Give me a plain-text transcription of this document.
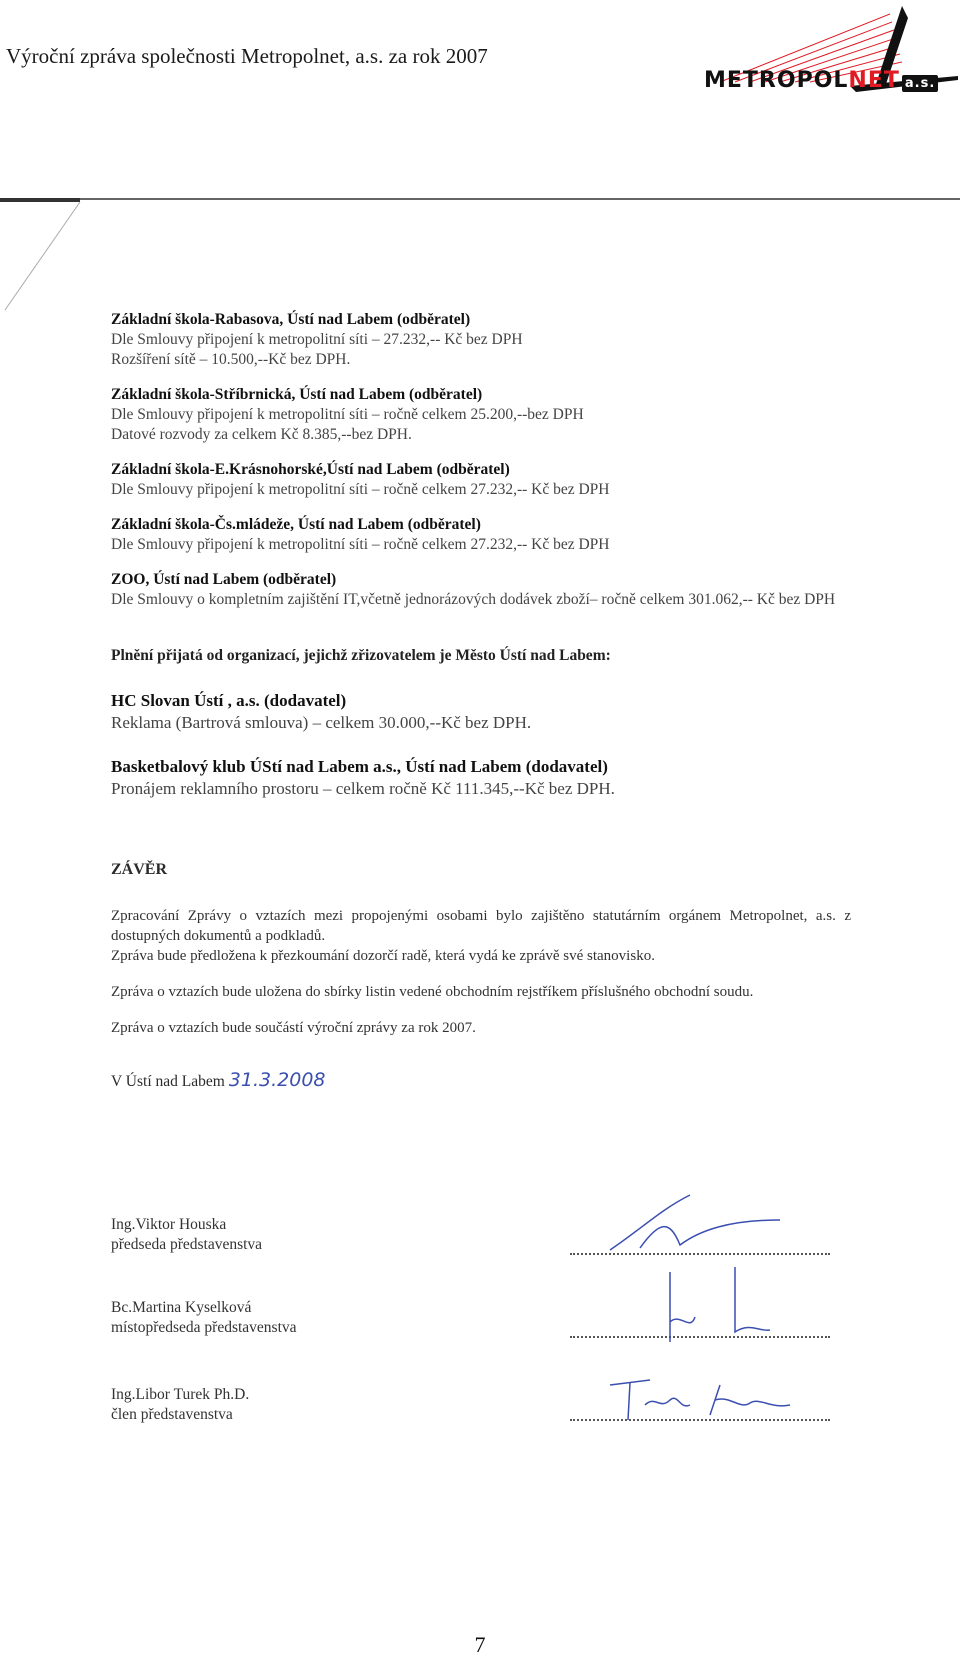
Výroční zpráva společnosti Metropolnet, a.s. za rok 2007
METROPOLNET a.s.
Základní škola-Rabasova, Ústí nad Labem (odběratel)
Dle Smlouvy připojení k metropolitní síti – 27.232,-- Kč bez DPH
Rozšíření sítě – 10.500,--Kč bez DPH.
Základní škola-Stříbrnická, Ústí nad Labem (odběratel)
Dle Smlouvy připojení k metropolitní síti – ročně celkem 25.200,--bez DPH
Datové rozvody za celkem Kč 8.385,--bez DPH.
Základní škola-E.Krásnohorské,Ústí nad Labem (odběratel)
Dle Smlouvy připojení k metropolitní síti – ročně celkem 27.232,-- Kč bez DPH
Základní škola-Čs.mládeže, Ústí nad Labem (odběratel)
Dle Smlouvy připojení k metropolitní síti – ročně celkem 27.232,-- Kč bez DPH
ZOO, Ústí nad Labem (odběratel)
Dle Smlouvy o kompletním zajištění IT,včetně jednorázových dodávek zboží– ročně celkem 301.062,-- Kč bez DPH
Plnění přijatá od organizací, jejichž zřizovatelem je Město Ústí nad Labem:
HC Slovan Ústí , a.s. (dodavatel)
Reklama (Bartrová smlouva) – celkem 30.000,--Kč bez DPH.
Basketbalový klub ÚStí nad Labem a.s., Ústí nad Labem (dodavatel)
Pronájem reklamního prostoru – celkem ročně Kč 111.345,--Kč bez DPH.
ZÁVĚR
Zpracování Zprávy o vztazích mezi propojenými osobami bylo zajištěno statutárním orgánem Metropolnet, a.s. z dostupných dokumentů a podkladů.
Zpráva bude předložena k přezkoumání dozorčí radě, která vydá ke zprávě své stanovisko.
Zpráva o vztazích bude uložena do sbírky listin vedené obchodním rejstříkem příslušného obchodní soudu.
Zpráva o vztazích bude součástí výroční zprávy za rok 2007.
V Ústí nad Labem 31.3.2008
Ing.Viktor Houska
předseda představenstva
Bc.Martina Kyselková
místopředseda představenstva
Ing.Libor Turek Ph.D.
člen představenstva
7
